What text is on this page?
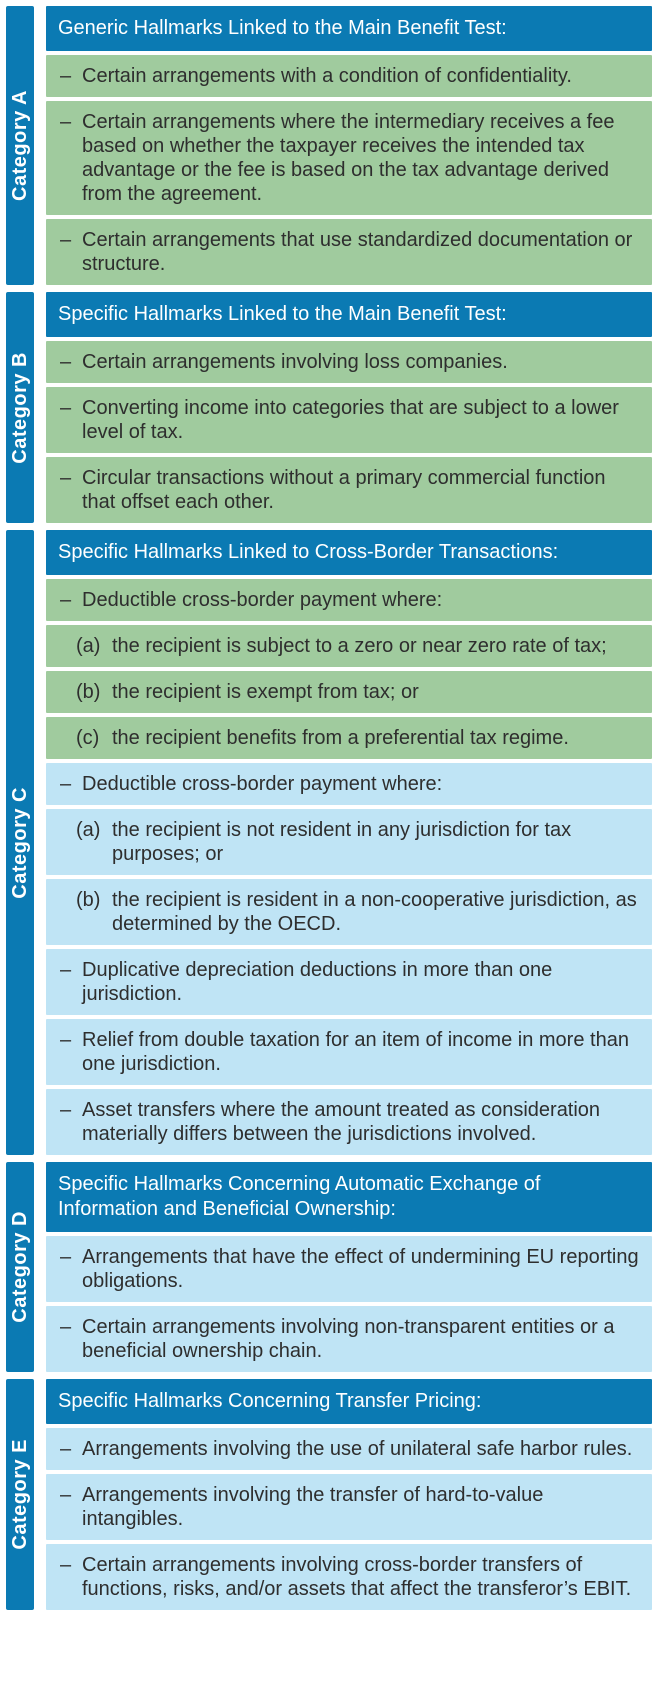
Category A
Generic Hallmarks Linked to the Main Benefit Test:
– Certain arrangements with a condition of confidentiality.
– Certain arrangements where the intermediary receives a fee based on whether the taxpayer receives the intended tax advantage or the fee is based on the tax advantage derived from the agreement.
– Certain arrangements that use standardized documentation or structure.
Category B
Specific Hallmarks Linked to the Main Benefit Test:
– Certain arrangements involving loss companies.
– Converting income into categories that are subject to a lower level of tax.
– Circular transactions without a primary commercial function that offset each other.
Category C
Specific Hallmarks Linked to Cross-Border Transactions:
– Deductible cross-border payment where:
(a) the recipient is subject to a zero or near zero rate of tax;
(b) the recipient is exempt from tax; or
(c) the recipient benefits from a preferential tax regime.
– Deductible cross-border payment where:
(a) the recipient is not resident in any jurisdiction for tax purposes; or
(b) the recipient is resident in a non-cooperative jurisdiction, as determined by the OECD.
– Duplicative depreciation deductions in more than one jurisdiction.
– Relief from double taxation for an item of income in more than one jurisdiction.
– Asset transfers where the amount treated as consideration materially differs between the jurisdictions involved.
Category D
Specific Hallmarks Concerning Automatic Exchange of Information and Beneficial Ownership:
– Arrangements that have the effect of undermining EU reporting obligations.
– Certain arrangements involving non-transparent entities or a beneficial ownership chain.
Category E
Specific Hallmarks Concerning Transfer Pricing:
– Arrangements involving the use of unilateral safe harbor rules.
– Arrangements involving the transfer of hard-to-value intangibles.
– Certain arrangements involving cross-border transfers of functions, risks, and/or assets that affect the transferor’s EBIT.
